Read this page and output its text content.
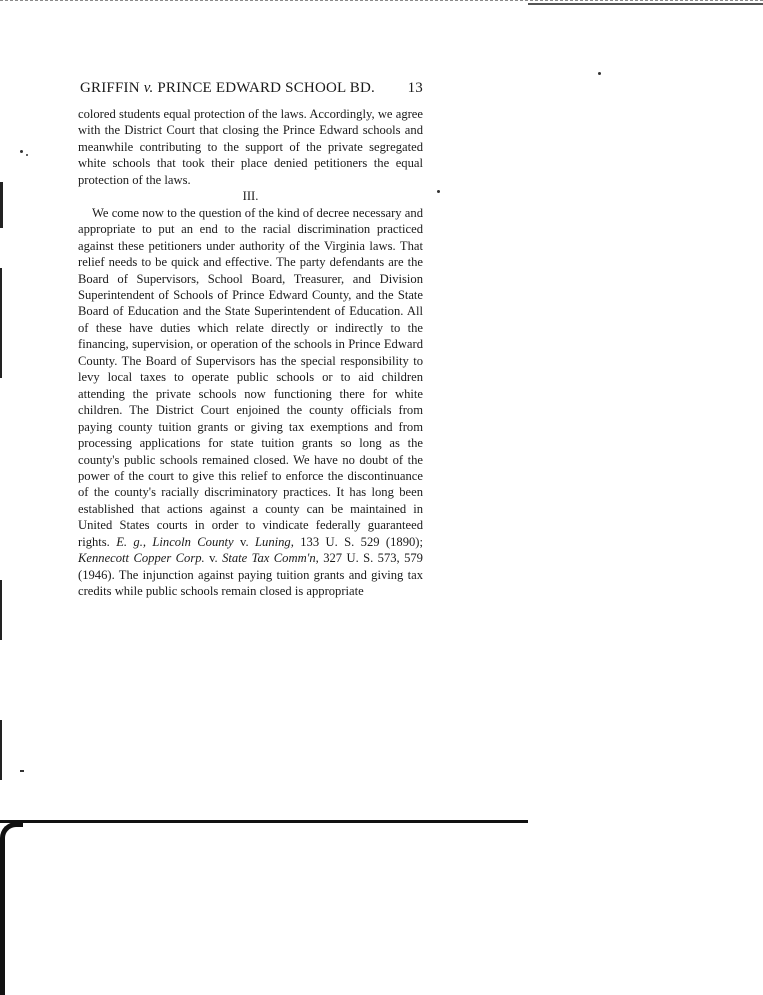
GRIFFIN v. PRINCE EDWARD SCHOOL BD. 13

colored students equal protection of the laws. Accordingly, we agree with the District Court that closing the Prince Edward schools and meanwhile contributing to the support of the private segregated white schools that took their place denied petitioners the equal protection of the laws.

III.

We come now to the question of the kind of decree necessary and appropriate to put an end to the racial discrimination practiced against these petitioners under authority of the Virginia laws. That relief needs to be quick and effective. The party defendants are the Board of Supervisors, School Board, Treasurer, and Division Superintendent of Schools of Prince Edward County, and the State Board of Education and the State Superintendent of Education. All of these have duties which relate directly or indirectly to the financing, supervision, or operation of the schools in Prince Edward County. The Board of Supervisors has the special responsibility to levy local taxes to operate public schools or to aid children attending the private schools now functioning there for white children. The District Court enjoined the county officials from paying county tuition grants or giving tax exemptions and from processing applications for state tuition grants so long as the county's public schools remained closed. We have no doubt of the power of the court to give this relief to enforce the discontinuance of the county's racially discriminatory practices. It has long been established that actions against a county can be maintained in United States courts in order to vindicate federally guaranteed rights. E. g., Lincoln County v. Luning, 133 U. S. 529 (1890); Kennecott Copper Corp. v. State Tax Comm'n, 327 U. S. 573, 579 (1946). The injunction against paying tuition grants and giving tax credits while public schools remain closed is appropriate
